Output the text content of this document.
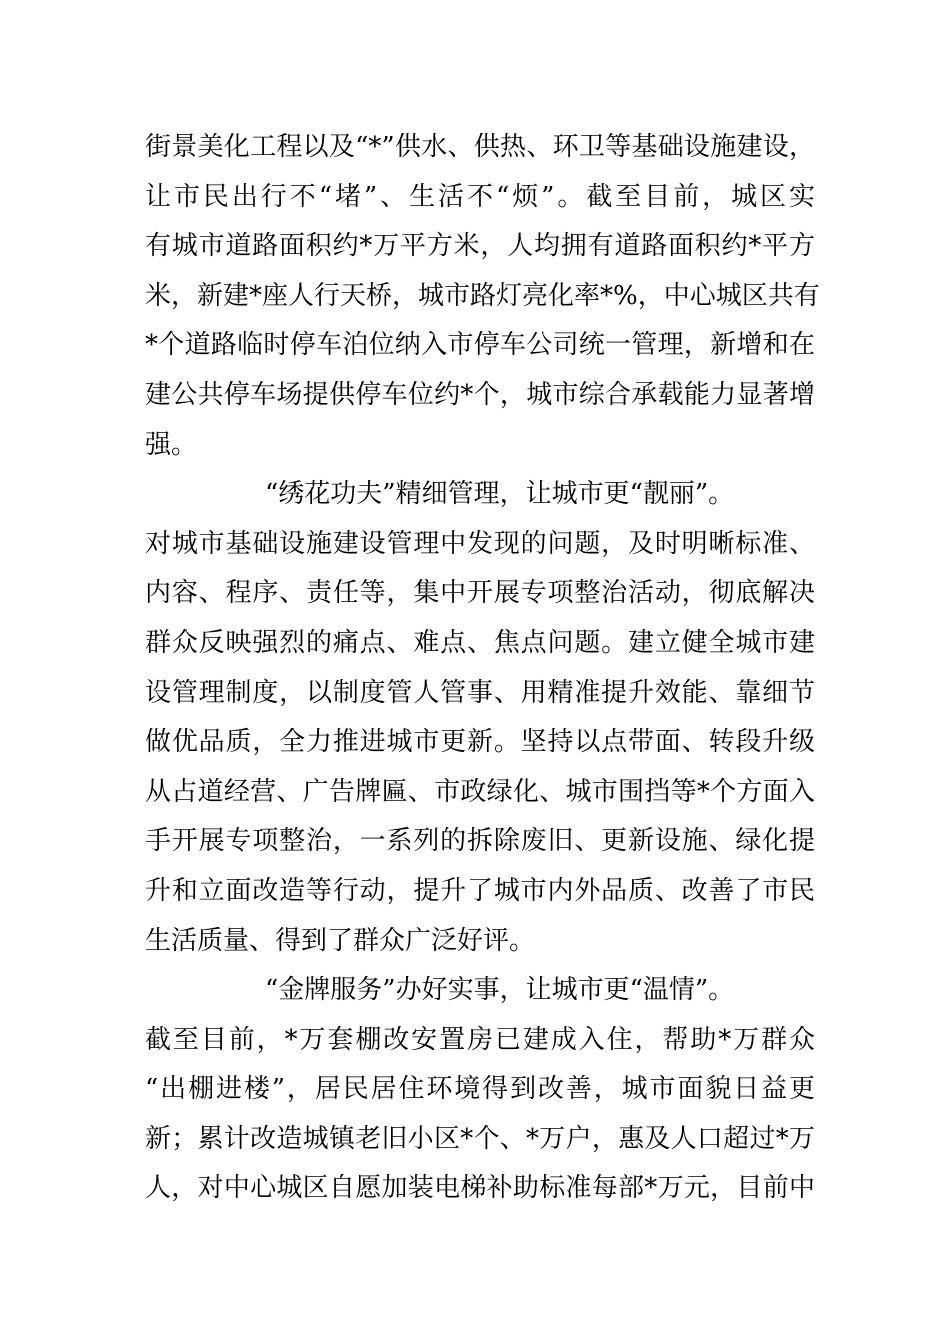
街景美化工程以及“*”供水、供热、环卫等基础设施建设，
让市民出行不“堵”、生活不“烦”。截至目前，城区实
有城市道路面积约*万平方米，人均拥有道路面积约*平方
米，新建*座人行天桥，城市路灯亮化率*%，中心城区共有
*个道路临时停车泊位纳入市停车公司统一管理，新增和在
建公共停车场提供停车位约*个，城市综合承载能力显著增
强。
“绣花功夫”精细管理，让城市更“靓丽”。
对城市基础设施建设管理中发现的问题，及时明晰标准、
内容、程序、责任等，集中开展专项整治活动，彻底解决
群众反映强烈的痛点、难点、焦点问题。建立健全城市建
设管理制度，以制度管人管事、用精准提升效能、靠细节
做优品质，全力推进城市更新。坚持以点带面、转段升级
从占道经营、广告牌匾、市政绿化、城市围挡等*个方面入
手开展专项整治，一系列的拆除废旧、更新设施、绿化提
升和立面改造等行动，提升了城市内外品质、改善了市民
生活质量、得到了群众广泛好评。
“金牌服务”办好实事，让城市更“温情”。
截至目前，*万套棚改安置房已建成入住，帮助*万群众
“出棚进楼”，居民居住环境得到改善，城市面貌日益更
新；累计改造城镇老旧小区*个、*万户，惠及人口超过*万
人，对中心城区自愿加装电梯补助标准每部*万元，目前中
